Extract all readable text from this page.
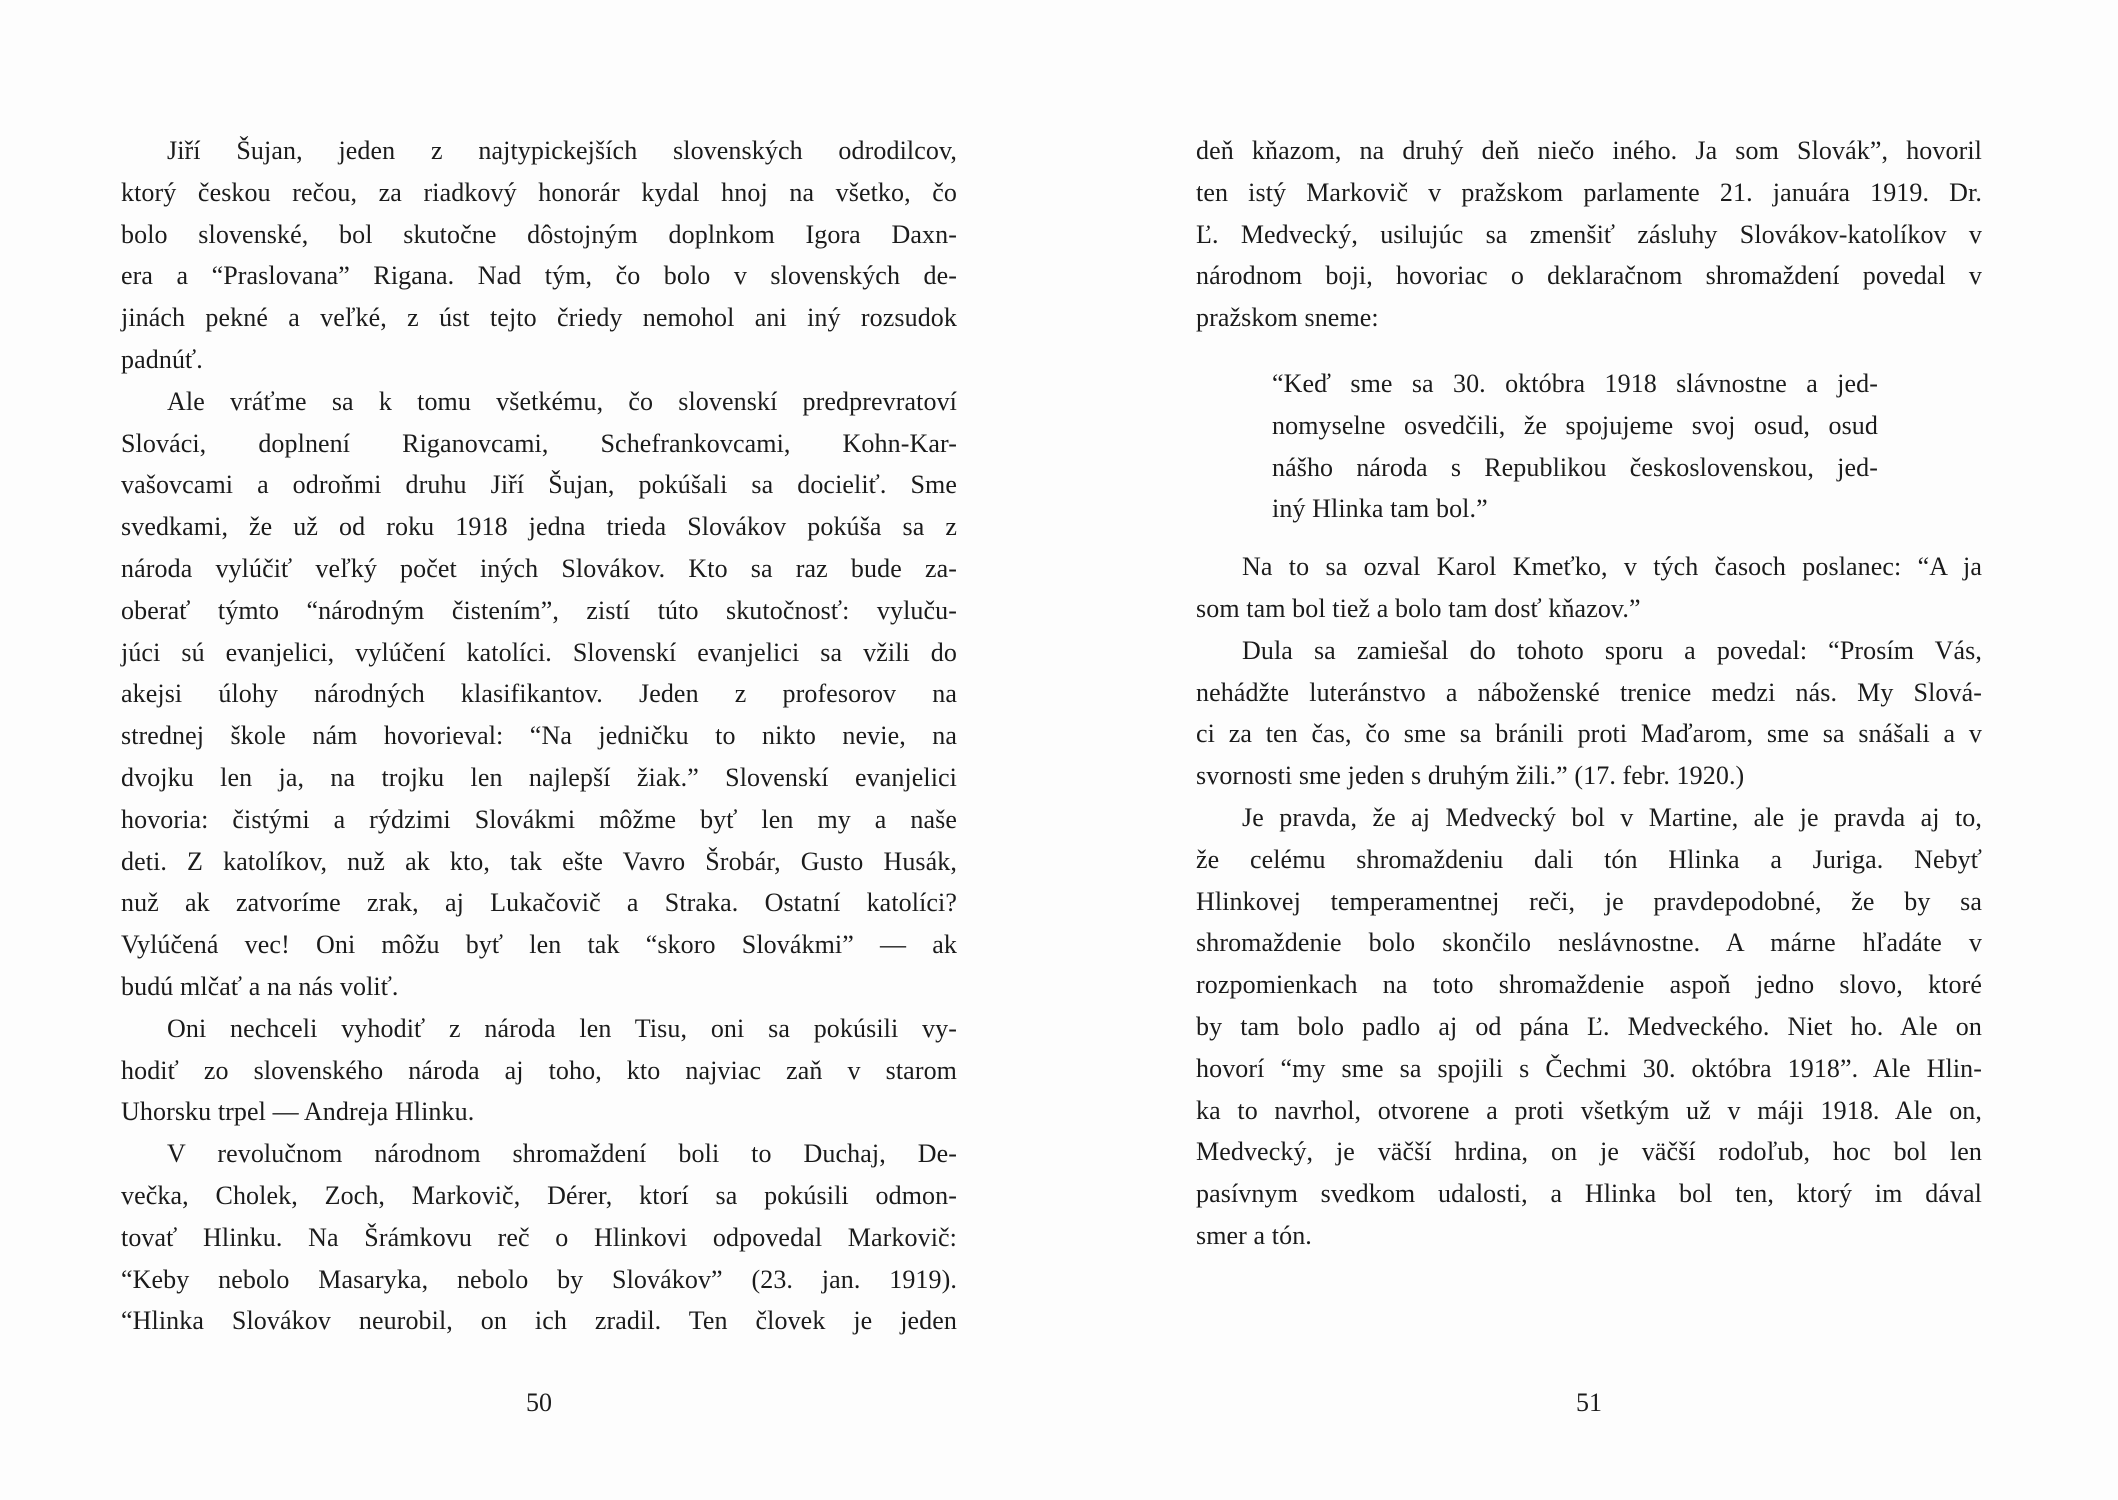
Jiří Šujan, jeden z najtypickejších slovenských odrodilcov,
ktorý českou rečou, za riadkový honorár kydal hnoj na všetko, čo
bolo slovenské, bol skutočne dôstojným doplnkom Igora Daxn-
era a “Praslovana” Rigana. Nad tým, čo bolo v slovenských de-
jinách pekné a veľké, z úst tejto čriedy nemohol ani iný rozsudok
padnúť.
Ale vráťme sa k tomu všetkému, čo slovenskí predprevratoví
Slováci, doplnení Riganovcami, Schefrankovcami, Kohn-Kar-
vašovcami a odroňmi druhu Jiří Šujan, pokúšali sa docieliť. Sme
svedkami, že už od roku 1918 jedna trieda Slovákov pokúša sa z
národa vylúčiť veľký počet iných Slovákov. Kto sa raz bude za-
oberať týmto “národným čistením”, zistí túto skutočnosť: vyluču-
júci sú evanjelici, vylúčení katolíci. Slovenskí evanjelici sa vžili do
akejsi úlohy národných klasifikantov. Jeden z profesorov na
strednej škole nám hovorieval: “Na jedničku to nikto nevie, na
dvojku len ja, na trojku len najlepší žiak.” Slovenskí evanjelici
hovoria: čistými a rýdzimi Slovákmi môžme byť len my a naše
deti. Z katolíkov, nuž ak kto, tak ešte Vavro Šrobár, Gusto Husák,
nuž ak zatvoríme zrak, aj Lukačovič a Straka. Ostatní katolíci?
Vylúčená vec! Oni môžu byť len tak “skoro Slovákmi” — ak
budú mlčať a na nás voliť.
Oni nechceli vyhodiť z národa len Tisu, oni sa pokúsili vy-
hodiť zo slovenského národa aj toho, kto najviac zaň v starom
Uhorsku trpel — Andreja Hlinku.
V revolučnom národnom shromaždení boli to Duchaj, De-
večka, Cholek, Zoch, Markovič, Dérer, ktorí sa pokúsili odmon-
tovať Hlinku. Na Šrámkovu reč o Hlinkovi odpovedal Markovič:
“Keby nebolo Masaryka, nebolo by Slovákov” (23. jan. 1919).
“Hlinka Slovákov neurobil, on ich zradil. Ten človek je jeden
50
deň kňazom, na druhý deň niečo iného. Ja som Slovák”, hovoril
ten istý Markovič v pražskom parlamente 21. januára 1919. Dr.
Ľ. Medvecký, usilujúc sa zmenšiť zásluhy Slovákov-katolíkov v
národnom boji, hovoriac o deklaračnom shromaždení povedal v
pražskom sneme:
“Keď sme sa 30. októbra 1918 slávnostne a jed-
nomyselne osvedčili, že spojujeme svoj osud, osud
nášho národa s Republikou československou, jed-
iný Hlinka tam bol.”
Na to sa ozval Karol Kmeťko, v tých časoch poslanec: “A ja
som tam bol tiež a bolo tam dosť kňazov.”
Dula sa zamiešal do tohoto sporu a povedal: “Prosím Vás,
nehádžte luteránstvo a náboženské trenice medzi nás. My Slová-
ci za ten čas, čo sme sa bránili proti Maďarom, sme sa snášali a v
svornosti sme jeden s druhým žili.” (17. febr. 1920.)
Je pravda, že aj Medvecký bol v Martine, ale je pravda aj to,
že celému shromaždeniu dali tón Hlinka a Juriga. Nebyť
Hlinkovej temperamentnej reči, je pravdepodobné, že by sa
shromaždenie bolo skončilo neslávnostne. A márne hľadáte v
rozpomienkach na toto shromaždenie aspoň jedno slovo, ktoré
by tam bolo padlo aj od pána Ľ. Medveckého. Niet ho. Ale on
hovorí “my sme sa spojili s Čechmi 30. októbra 1918”. Ale Hlin-
ka to navrhol, otvorene a proti všetkým už v máji 1918. Ale on,
Medvecký, je väčší hrdina, on je väčší rodoľub, hoc bol len
pasívnym svedkom udalosti, a Hlinka bol ten, ktorý im dával
smer a tón.
51
